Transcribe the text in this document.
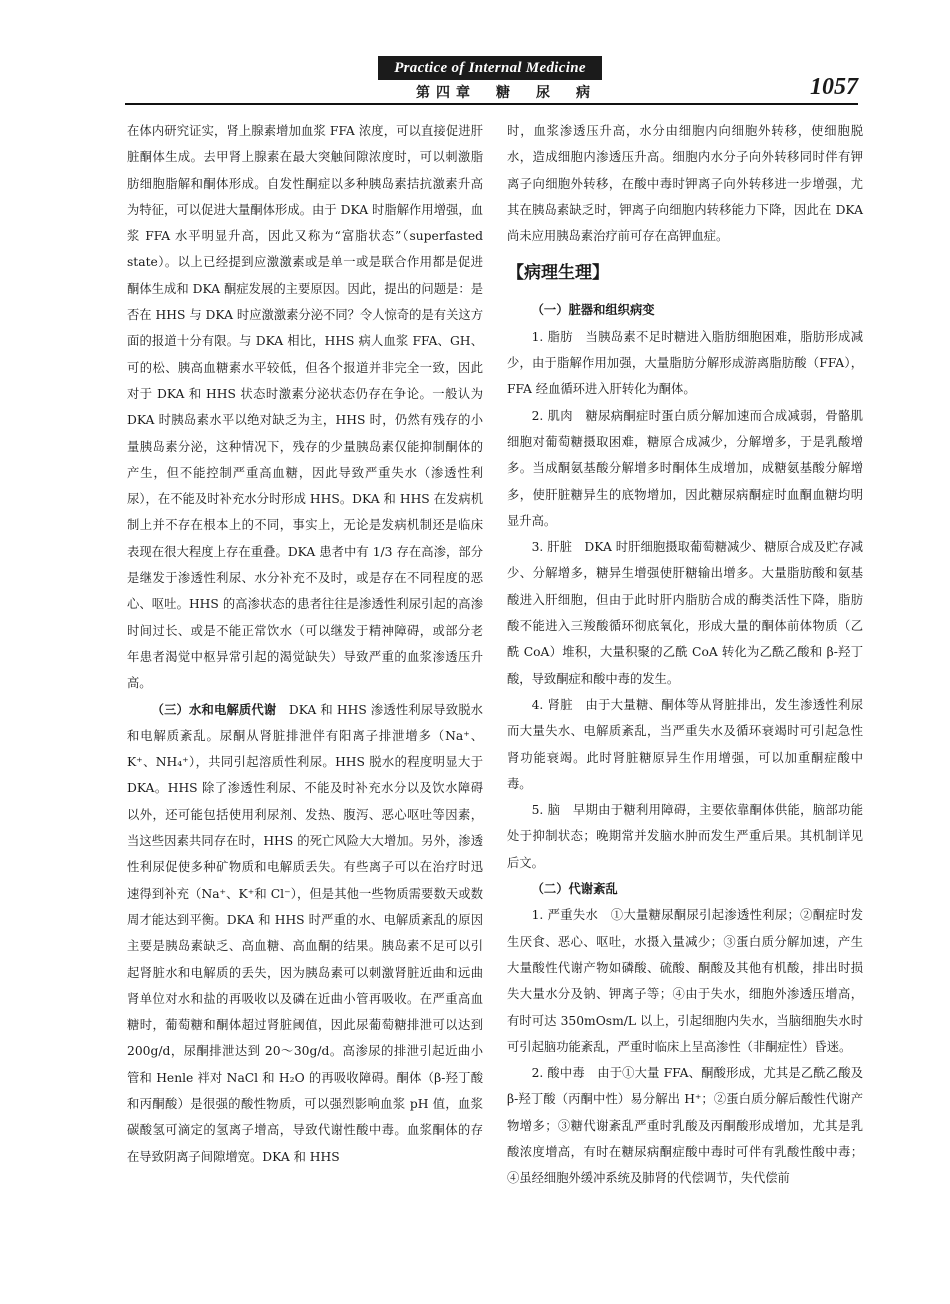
Practice of Internal Medicine
第四章　糖　尿　病	1057

在体内研究证实，肾上腺素增加血浆 FFA 浓度，可以直接促进肝脏酮体生成。去甲肾上腺素在最大突触间隙浓度时，可以刺激脂肪细胞脂解和酮体形成。自发性酮症以多种胰岛素拮抗激素升高为特征，可以促进大量酮体形成。由于 DKA 时脂解作用增强，血浆 FFA 水平明显升高，因此又称为“富脂状态”（superfasted state）。以上已经提到应激激素或是单一或是联合作用都是促进酮体生成和 DKA 酮症发展的主要原因。因此，提出的问题是：是否在 HHS 与 DKA 时应激激素分泌不同？令人惊奇的是有关这方面的报道十分有限。与 DKA 相比，HHS 病人血浆 FFA、GH、可的松、胰高血糖素水平较低，但各个报道并非完全一致，因此对于 DKA 和 HHS 状态时激素分泌状态仍存在争论。一般认为 DKA 时胰岛素水平以绝对缺乏为主，HHS 时，仍然有残存的小量胰岛素分泌，这种情况下，残存的少量胰岛素仅能抑制酮体的产生，但不能控制严重高血糖，因此导致严重失水（渗透性利尿），在不能及时补充水分时形成 HHS。DKA 和 HHS 在发病机制上并不存在根本上的不同，事实上，无论是发病机制还是临床表现在很大程度上存在重叠。DKA 患者中有 1/3 存在高渗，部分是继发于渗透性利尿、水分补充不及时，或是存在不同程度的恶心、呕吐。HHS 的高渗状态的患者往往是渗透性利尿引起的高渗时间过长、或是不能正常饮水（可以继发于精神障碍，或部分老年患者渴觉中枢异常引起的渴觉缺失）导致严重的血浆渗透压升高。

（三）水和电解质代谢　DKA 和 HHS 渗透性利尿导致脱水和电解质紊乱。尿酮从肾脏排泄伴有阳离子排泄增多（Na⁺、K⁺、NH₄⁺），共同引起溶质性利尿。HHS 脱水的程度明显大于 DKA。HHS 除了渗透性利尿、不能及时补充水分以及饮水障碍以外，还可能包括使用利尿剂、发热、腹泻、恶心呕吐等因素，当这些因素共同存在时，HHS 的死亡风险大大增加。另外，渗透性利尿促使多种矿物质和电解质丢失。有些离子可以在治疗时迅速得到补充（Na⁺、K⁺和 Cl⁻），但是其他一些物质需要数天或数周才能达到平衡。DKA 和 HHS 时严重的水、电解质紊乱的原因主要是胰岛素缺乏、高血糖、高血酮的结果。胰岛素不足可以引起肾脏水和电解质的丢失，因为胰岛素可以刺激肾脏近曲和远曲肾单位对水和盐的再吸收以及磷在近曲小管再吸收。在严重高血糖时，葡萄糖和酮体超过肾脏阈值，因此尿葡萄糖排泄可以达到 200g/d，尿酮排泄达到 20～30g/d。高渗尿的排泄引起近曲小管和 Henle 袢对 NaCl 和 H₂O 的再吸收障碍。酮体（β-羟丁酸和丙酮酸）是很强的酸性物质，可以强烈影响血浆 pH 值，血浆碳酸氢可滴定的氢离子增高，导致代谢性酸中毒。血浆酮体的存在导致阴离子间隙增宽。DKA 和 HHS

时，血浆渗透压升高，水分由细胞内向细胞外转移，使细胞脱水，造成细胞内渗透压升高。细胞内水分子向外转移同时伴有钾离子向细胞外转移，在酸中毒时钾离子向外转移进一步增强，尤其在胰岛素缺乏时，钾离子向细胞内转移能力下降，因此在 DKA 尚未应用胰岛素治疗前可存在高钾血症。

【病理生理】

（一）脏器和组织病变

1. 脂肪　当胰岛素不足时糖进入脂肪细胞困难，脂肪形成减少，由于脂解作用加强，大量脂肪分解形成游离脂肪酸（FFA），FFA 经血循环进入肝转化为酮体。

2. 肌肉　糖尿病酮症时蛋白质分解加速而合成减弱，骨骼肌细胞对葡萄糖摄取困难，糖原合成减少，分解增多，于是乳酸增多。当成酮氨基酸分解增多时酮体生成增加，成糖氨基酸分解增多，使肝脏糖异生的底物增加，因此糖尿病酮症时血酮血糖均明显升高。

3. 肝脏　DKA 时肝细胞摄取葡萄糖减少、糖原合成及贮存减少、分解增多，糖异生增强使肝糖输出增多。大量脂肪酸和氨基酸进入肝细胞，但由于此时肝内脂肪合成的酶类活性下降，脂肪酸不能进入三羧酸循环彻底氧化，形成大量的酮体前体物质（乙酰 CoA）堆积，大量积聚的乙酰 CoA 转化为乙酰乙酸和 β-羟丁酸，导致酮症和酸中毒的发生。

4. 肾脏　由于大量糖、酮体等从肾脏排出，发生渗透性利尿而大量失水、电解质紊乱，当严重失水及循环衰竭时可引起急性肾功能衰竭。此时肾脏糖原异生作用增强，可以加重酮症酸中毒。

5. 脑　早期由于糖利用障碍，主要依靠酮体供能，脑部功能处于抑制状态；晚期常并发脑水肿而发生严重后果。其机制详见后文。

（二）代谢紊乱

1. 严重失水　①大量糖尿酮尿引起渗透性利尿；②酮症时发生厌食、恶心、呕吐，水摄入量减少；③蛋白质分解加速，产生大量酸性代谢产物如磷酸、硫酸、酮酸及其他有机酸，排出时损失大量水分及钠、钾离子等；④由于失水，细胞外渗透压增高，有时可达 350mOsm/L 以上，引起细胞内失水，当脑细胞失水时可引起脑功能紊乱，严重时临床上呈高渗性（非酮症性）昏迷。

2. 酸中毒　由于①大量 FFA、酮酸形成，尤其是乙酰乙酸及 β-羟丁酸（丙酮中性）易分解出 H⁺；②蛋白质分解后酸性代谢产物增多；③糖代谢紊乱严重时乳酸及丙酮酸形成增加，尤其是乳酸浓度增高，有时在糖尿病酮症酸中毒时可伴有乳酸性酸中毒；④虽经细胞外缓冲系统及肺肾的代偿调节，失代偿前
